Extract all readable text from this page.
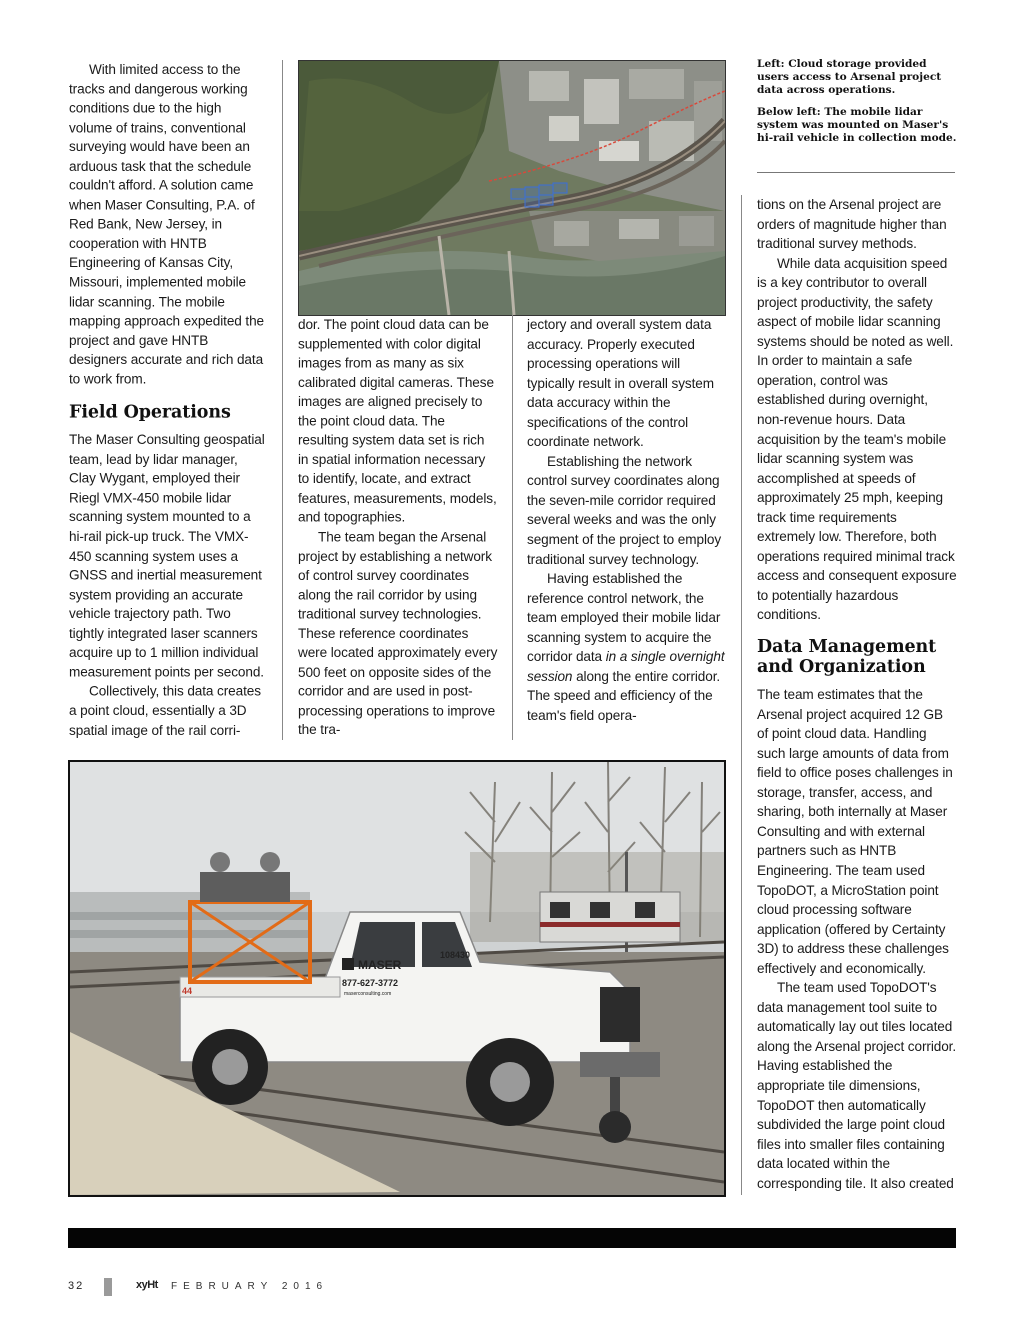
Left: Cloud storage provided users access to Arsenal project data across operations.

Below left: The mobile lidar system was mounted on Maser's hi-rail vehicle in collection mode.

With limited access to the tracks and dangerous working conditions due to the high volume of trains, conventional surveying would have been an arduous task that the schedule couldn't afford. A solution came when Maser Consulting, P.A. of Red Bank, New Jersey, in cooperation with HNTB Engineering of Kansas City, Missouri, implemented mobile lidar scanning. The mobile mapping approach expedited the project and gave HNTB designers accurate and rich data to work from.

Field Operations

The Maser Consulting geospatial team, lead by lidar manager, Clay Wygant, employed their Riegl VMX-450 mobile lidar scanning system mounted to a hi-rail pick-up truck. The VMX-450 scanning system uses a GNSS and inertial measurement system providing an accurate vehicle trajectory path. Two tightly integrated laser scanners acquire up to 1 million individual measurement points per second.

Collectively, this data creates a point cloud, essentially a 3D spatial image of the rail corri-

dor. The point cloud data can be supplemented with color digital images from as many as six calibrated digital cameras. These images are aligned precisely to the point cloud data. The resulting system data set is rich in spatial information necessary to identify, locate, and extract features, measurements, models, and topographies.

The team began the Arsenal project by establishing a network of control survey coordinates along the rail corridor by using traditional survey technologies. These reference coordinates were located approximately every 500 feet on opposite sides of the corridor and are used in post-processing operations to improve the tra-

jectory and overall system data accuracy. Properly executed processing operations will typically result in overall system data accuracy within the specifications of the control coordinate network.

Establishing the network control survey coordinates along the seven-mile corridor required several weeks and was the only segment of the project to employ traditional survey technology.

Having established the reference control network, the team employed their mobile lidar scanning system to acquire the corridor data in a single overnight session along the entire corridor. The speed and efficiency of the team's field opera-

tions on the Arsenal project are orders of magnitude higher than traditional survey methods.

While data acquisition speed is a key contributor to overall project productivity, the safety aspect of mobile lidar scanning systems should be noted as well. In order to maintain a safe operation, control was established during overnight, non-revenue hours. Data acquisition by the team's mobile lidar scanning system was accomplished at speeds of approximately 25 mph, keeping track time requirements extremely low. Therefore, both operations required minimal track access and consequent exposure to potentially hazardous conditions.

Data Management and Organization

The team estimates that the Arsenal project acquired 12 GB of point cloud data. Handling such large amounts of data from field to office poses challenges in storage, transfer, access, and sharing, both internally at Maser Consulting and with external partners such as HNTB Engineering. The team used TopoDOT, a MicroStation point cloud processing software application (offered by Certainty 3D) to address these challenges effectively and economically.

The team used TopoDOT's data management tool suite to automatically lay out tiles located along the Arsenal project corridor. Having established the appropriate tile dimensions, TopoDOT then automatically subdivided the large point cloud files into smaller files containing data located within the corresponding tile. It also created

MASER
877-627-3772
maserconsulting.com
108430
44
32	xyHt FEBRUARY 2016
